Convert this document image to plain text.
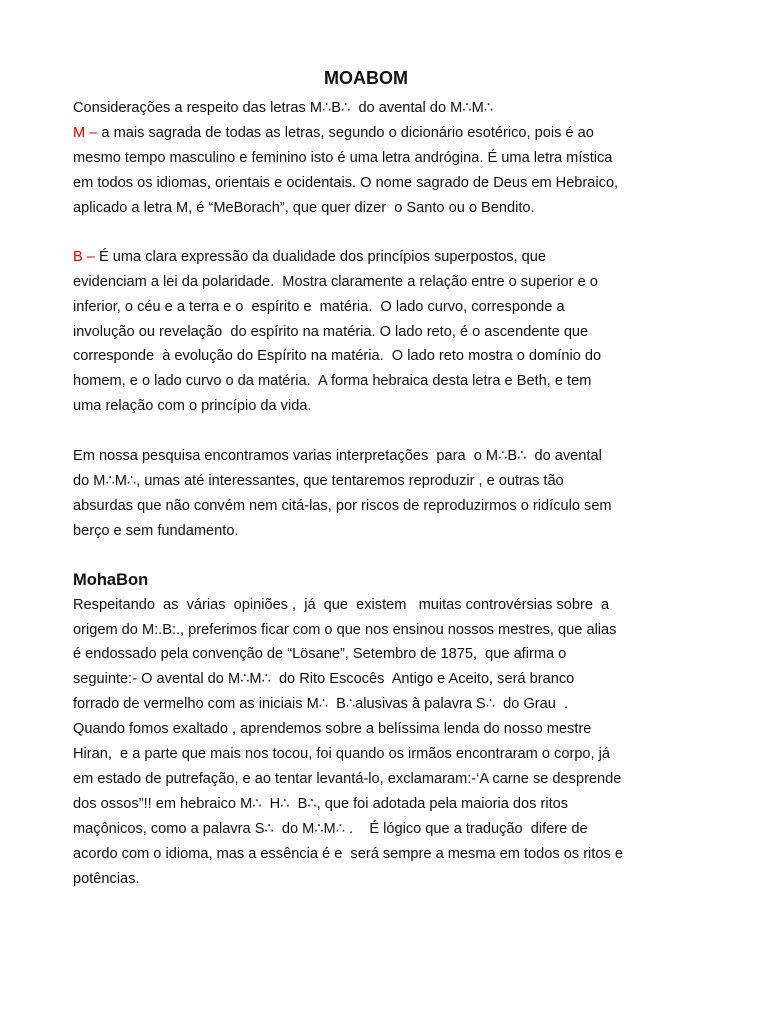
MOABOM

Considerações a respeito das letras M∴B∴  do avental do M∴M∴

M – a mais sagrada de todas as letras, segundo o dicionário esotérico, pois é ao

mesmo tempo masculino e feminino isto é uma letra andrógina. É uma letra mística

em todos os idiomas, orientais e ocidentais. O nome sagrado de Deus em Hebraico,

aplicado a letra M, é “MeBorach”, que quer dizer  o Santo ou o Bendito.

B – É uma clara expressão da dualidade dos princípios superpostos, que

evidenciam a lei da polaridade.  Mostra claramente a relação entre o superior e o

inferior, o céu e a terra e o  espírito e  matéria.  O lado curvo, corresponde a

involução ou revelação  do espírito na matéria. O lado reto, é o ascendente que

corresponde  à evolução do Espírito na matéria.  O lado reto mostra o domínio do

homem, e o lado curvo o da matéria.  A forma hebraica desta letra e Beth, e tem

uma relação com o princípio da vida.

Em nossa pesquisa encontramos varias interpretações  para  o M∴B∴  do avental

do M∴M∴, umas até interessantes, que tentaremos reproduzir , e outras tão

absurdas que não convém nem citá-las, por riscos de reproduzirmos o ridículo sem

berço e sem fundamento.

MohaBon

Respeitando  as  várias  opiniões ,  já  que  existem   muitas controvérsias sobre  a

origem do M:.B:., preferimos ficar com o que nos ensinou nossos mestres, que alias

é endossado pela convenção de “Lösane”, Setembro de 1875,  que afirma o

seguinte:- O avental do M∴M∴  do Rito Escocês  Antigo e Aceito, será branco

forrado de vermelho com as iniciais M∴  B∴alusivas à palavra S∴  do Grau  .

Quando fomos exaltado , aprendemos sobre a belíssima lenda do nosso mestre

Hiran,  e a parte que mais nos tocou, foi quando os irmãos encontraram o corpo, já

em estado de putrefação, e ao tentar levantá-lo, exclamaram:-‘A carne se desprende

dos ossos”!! em hebraico M∴  H∴  B∴, que foi adotada pela maioria dos ritos

maçônicos, como a palavra S∴  do M∴M∴ .    É lógico que a tradução  difere de

acordo com o idioma, mas a essência é e  será sempre a mesma em todos os ritos e

potências.
